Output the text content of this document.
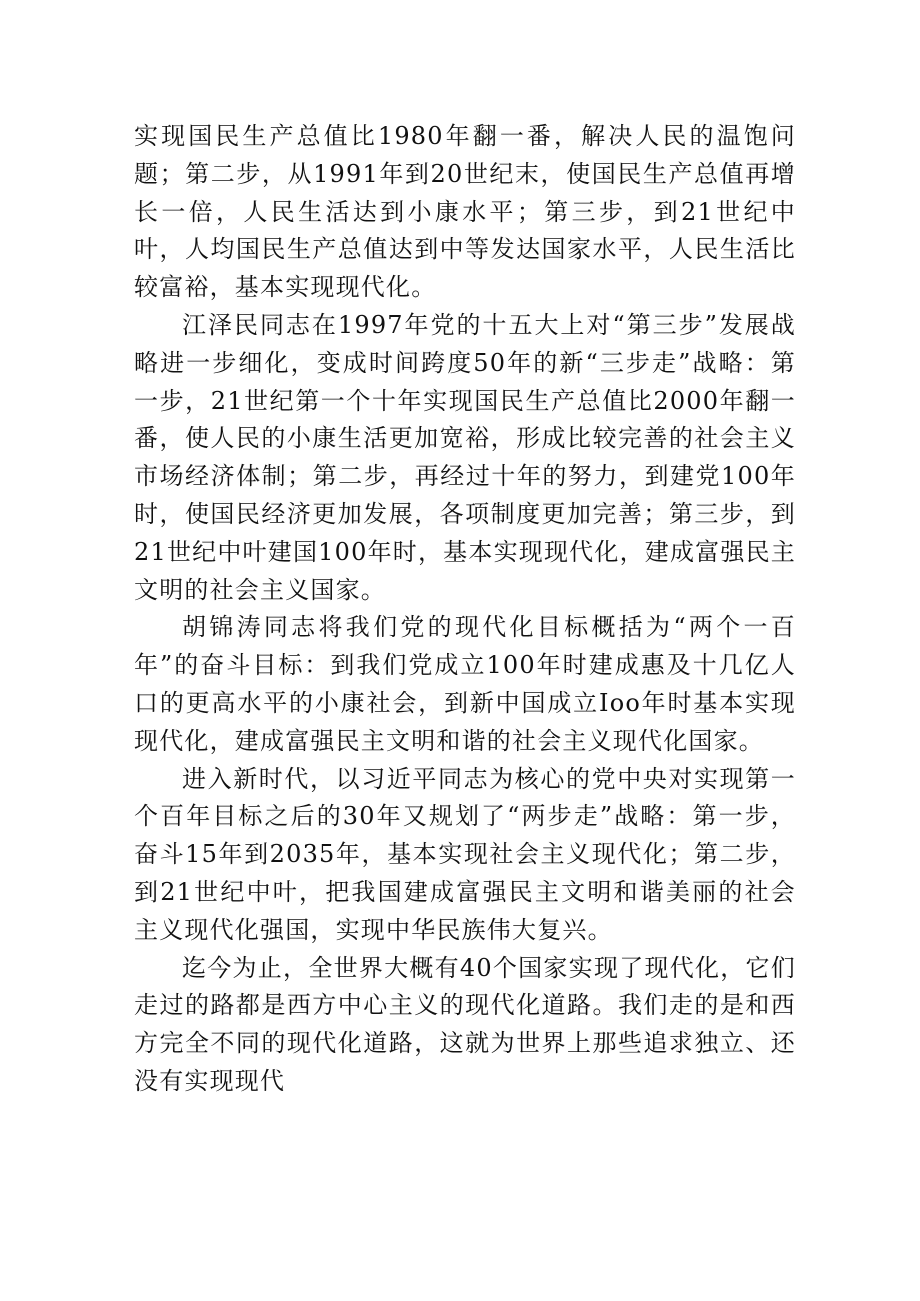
实现国民生产总值比1980年翻一番，解决人民的温饱问题；第二步，从1991年到20世纪末，使国民生产总值再增长一倍，人民生活达到小康水平；第三步，到21世纪中叶，人均国民生产总值达到中等发达国家水平，人民生活比较富裕，基本实现现代化。

江泽民同志在1997年党的十五大上对“第三步”发展战略进一步细化，变成时间跨度50年的新“三步走”战略：第一步，21世纪第一个十年实现国民生产总值比2000年翻一番，使人民的小康生活更加宽裕，形成比较完善的社会主义市场经济体制；第二步，再经过十年的努力，到建党100年时，使国民经济更加发展，各项制度更加完善；第三步，到21世纪中叶建国100年时，基本实现现代化，建成富强民主文明的社会主义国家。

胡锦涛同志将我们党的现代化目标概括为“两个一百年”的奋斗目标：到我们党成立100年时建成惠及十几亿人口的更高水平的小康社会，到新中国成立Ioo年时基本实现现代化，建成富强民主文明和谐的社会主义现代化国家。

进入新时代，以习近平同志为核心的党中央对实现第一个百年目标之后的30年又规划了“两步走”战略：第一步，奋斗15年到2035年，基本实现社会主义现代化；第二步，到21世纪中叶，把我国建成富强民主文明和谐美丽的社会主义现代化强国，实现中华民族伟大复兴。

迄今为止，全世界大概有40个国家实现了现代化，它们走过的路都是西方中心主义的现代化道路。我们走的是和西方完全不同的现代化道路，这就为世界上那些追求独立、还没有实现现代
